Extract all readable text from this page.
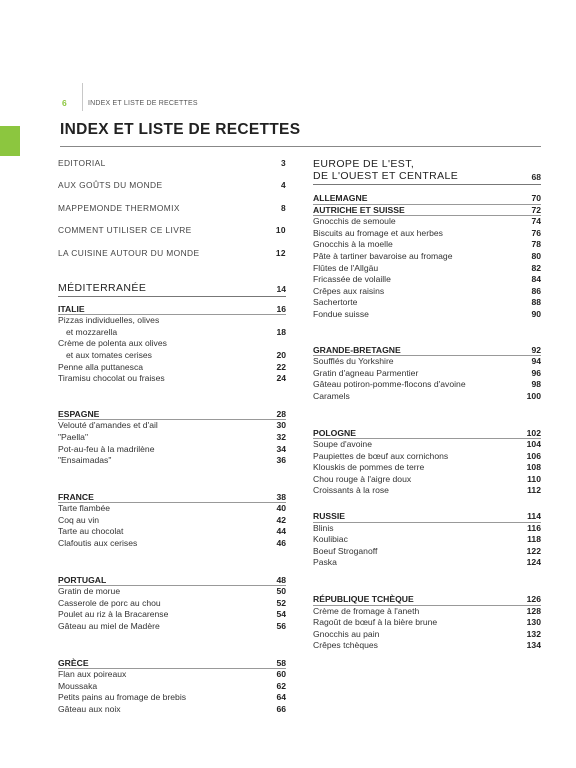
6	INDEX ET LISTE DE RECETTES
INDEX ET LISTE DE RECETTES
EDITORIAL	3
AUX GOÛTS DU MONDE	4
MAPPEMONDE THERMOMIX	8
COMMENT UTILISER CE LIVRE	10
LA CUISINE AUTOUR DU MONDE	12
MÉDITERRANÉE	14
ITALIE	16
Pizzas individuelles, olives
et mozzarella	18
Crème de polenta aux olives
et aux tomates cerises	20
Penne alla puttanesca	22
Tiramisu chocolat ou fraises	24
ESPAGNE	28
Velouté d'amandes et d'ail	30
"Paella"	32
Pot-au-feu à la madrilène	34
"Ensaimadas"	36
FRANCE	38
Tarte flambée	40
Coq au vin	42
Tarte au chocolat	44
Clafoutis aux cerises	46
PORTUGAL	48
Gratin de morue	50
Casserole de porc au chou	52
Poulet au riz à la Bracarense	54
Gâteau au miel de Madère	56
GRÈCE	58
Flan aux poireaux	60
Moussaka	62
Petits pains au fromage de brebis	64
Gâteau aux noix	66
EUROPE DE L'EST,
DE L'OUEST ET CENTRALE	68
ALLEMAGNE	70
AUTRICHE ET SUISSE	72
Gnocchis de semoule	74
Biscuits au fromage et aux herbes	76
Gnocchis à la moelle	78
Pâte à tartiner bavaroise au fromage	80
Flûtes de l'Allgäu	82
Fricassée de volaille	84
Crêpes aux raisins	86
Sachertorte	88
Fondue suisse	90
GRANDE-BRETAGNE	92
Soufflés du Yorkshire	94
Gratin d'agneau Parmentier	96
Gâteau potiron-pomme-flocons d'avoine	98
Caramels	100
POLOGNE	102
Soupe d'avoine	104
Paupiettes de bœuf aux cornichons	106
Klouskis de pommes de terre	108
Chou rouge à l'aigre doux	110
Croissants à la rose	112
RUSSIE	114
Blinis	116
Koulibiac	118
Boeuf Stroganoff	122
Paska	124
RÉPUBLIQUE TCHÈQUE	126
Crème de fromage à l'aneth	128
Ragoût de bœuf à la bière brune	130
Gnocchis au pain	132
Crêpes tchèques	134
